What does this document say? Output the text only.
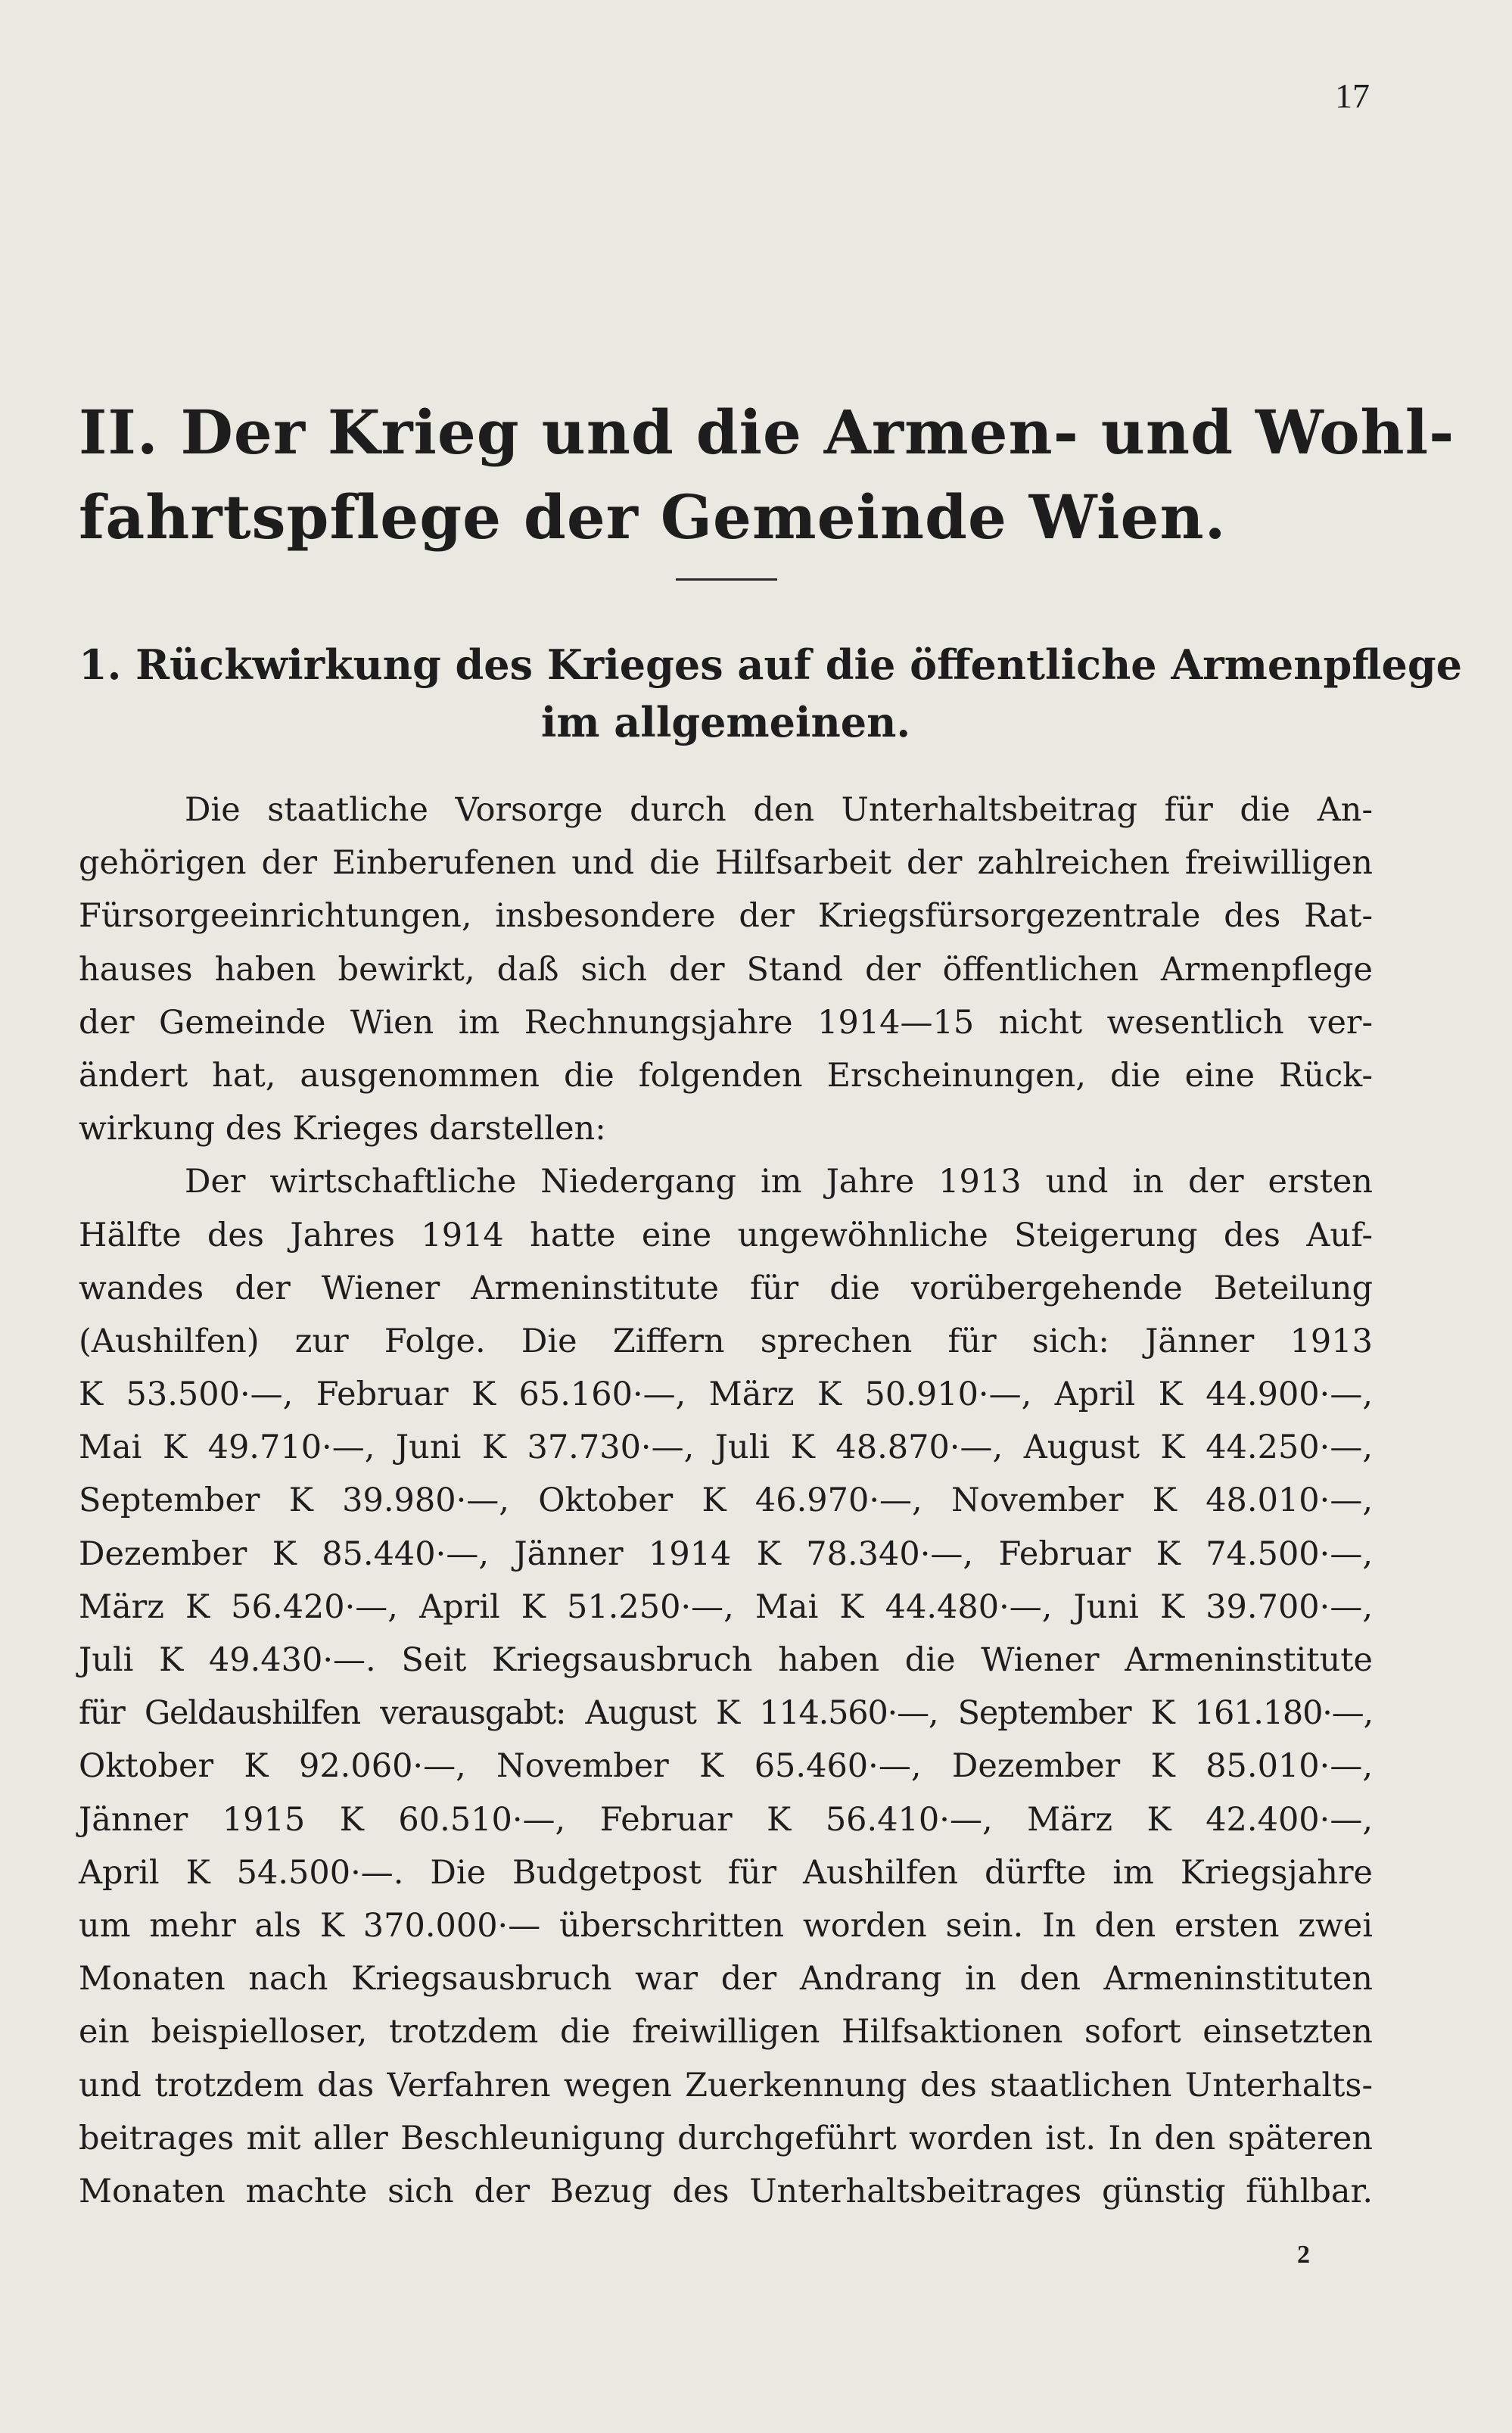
17
II. Der Krieg und die Armen- und Wohl-
fahrtspflege der Gemeinde Wien.
1. Rückwirkung des Krieges auf die öffentliche Armenpflege
im allgemeinen.
Die staatliche Vorsorge durch den Unterhaltsbeitrag für die An-
gehörigen der Einberufenen und die Hilfsarbeit der zahlreichen freiwilligen
Fürsorgeeinrichtungen, insbesondere der Kriegsfürsorgezentrale des Rat-
hauses haben bewirkt, daß sich der Stand der öffentlichen Armenpflege
der Gemeinde Wien im Rechnungsjahre 1914—15 nicht wesentlich ver-
ändert hat, ausgenommen die folgenden Erscheinungen, die eine Rück-
wirkung des Krieges darstellen:
Der wirtschaftliche Niedergang im Jahre 1913 und in der ersten
Hälfte des Jahres 1914 hatte eine ungewöhnliche Steigerung des Auf-
wandes der Wiener Armeninstitute für die vorübergehende Beteilung
(Aushilfen) zur Folge. Die Ziffern sprechen für sich: Jänner 1913
K 53.500·—, Februar K 65.160·—, März K 50.910·—, April K 44.900·—,
Mai K 49.710·—, Juni K 37.730·—, Juli K 48.870·—, August K 44.250·—,
September K 39.980·—, Oktober K 46.970·—, November K 48.010·—,
Dezember K 85.440·—, Jänner 1914 K 78.340·—, Februar K 74.500·—,
März K 56.420·—, April K 51.250·—, Mai K 44.480·—, Juni K 39.700·—,
Juli K 49.430·—. Seit Kriegsausbruch haben die Wiener Armeninstitute
für Geldaushilfen verausgabt: August K 114.560·—, September K 161.180·—,
Oktober K 92.060·—, November K 65.460·—, Dezember K 85.010·—,
Jänner 1915 K 60.510·—, Februar K 56.410·—, März K 42.400·—,
April K 54.500·—. Die Budgetpost für Aushilfen dürfte im Kriegsjahre
um mehr als K 370.000·— überschritten worden sein. In den ersten zwei
Monaten nach Kriegsausbruch war der Andrang in den Armeninstituten
ein beispielloser, trotzdem die freiwilligen Hilfsaktionen sofort einsetzten
und trotzdem das Verfahren wegen Zuerkennung des staatlichen Unterhalts-
beitrages mit aller Beschleunigung durchgeführt worden ist. In den späteren
Monaten machte sich der Bezug des Unterhaltsbeitrages günstig fühlbar.
2
